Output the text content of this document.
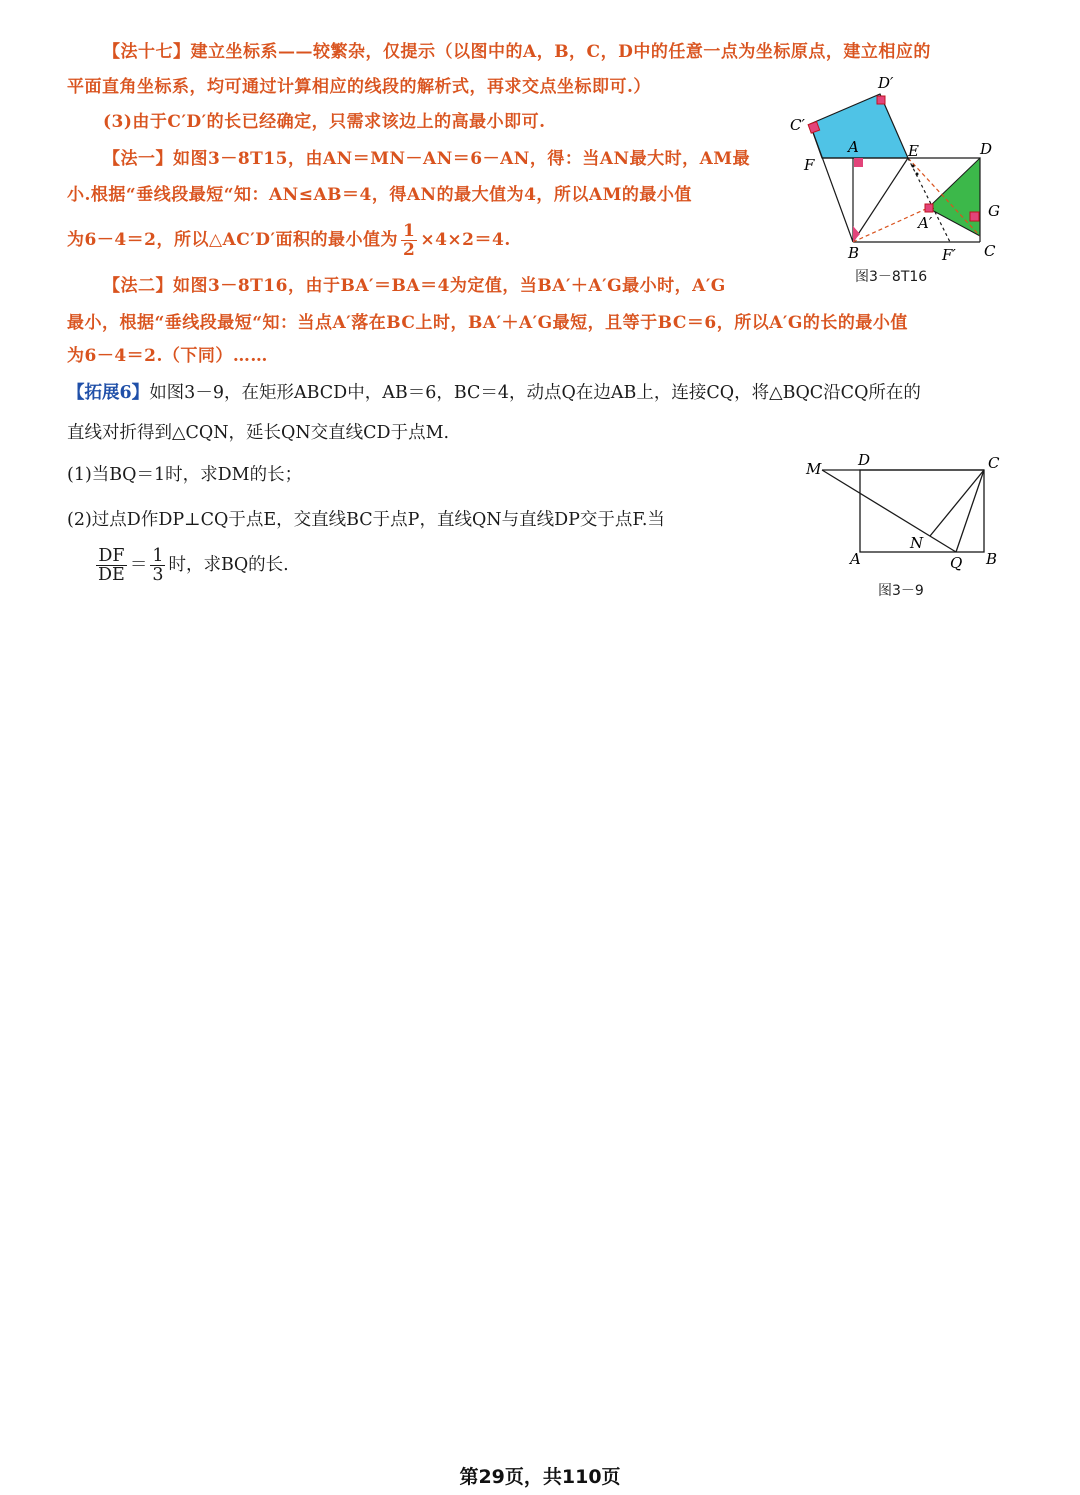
【法十七】建立坐标系——较繁杂，仅提示（以图中的A，B，C，D中的任意一点为坐标原点，建立相应的
平面直角坐标系，均可通过计算相应的线段的解析式，再求交点坐标即可.）
(3)由于C′D′的长已经确定，只需求该边上的高最小即可.
【法一】如图3－8T15，由AN＝MN－AN＝6－AN，得：当AN最大时，AM最
小.根据“垂线段最短“知：AN≤AB＝4，得AN的最大值为4，所以AM的最小值
为6－4＝2，所以△AC′D′面积的最小值为 $\frac{1}{2} \times 4\times 2=4$.
【法二】如图3－8T16，由于BA′＝BA＝4为定值，当BA′＋A′G最小时，A′G
最小，根据“垂线段最短“知：当点A′落在BC上时，BA′＋A′G最短，且等于BC＝6，所以A′G的长的最小值
为6－4＝2.（下同）……
【拓展6】如图3－9，在矩形ABCD中，AB＝6，BC＝4，动点Q在边AB上，连接CQ，将△BQC沿CQ所在的
直线对折得到△CQN，延长QN交直线CD于点M.
(1)当BQ＝1时，求DM的长；
(2)过点D作DP⊥CQ于点E，交直线BC于点P，直线QN与直线DP交于点F.当
$\frac{DF}{DE} = \frac{1}{3}$ 时，求BQ的长.
D′
C′
A	E	D
F
G
A′
B	F′ C
图3－8T16
M D	C
N
A	Q B
图3－9
第29页，共110页
